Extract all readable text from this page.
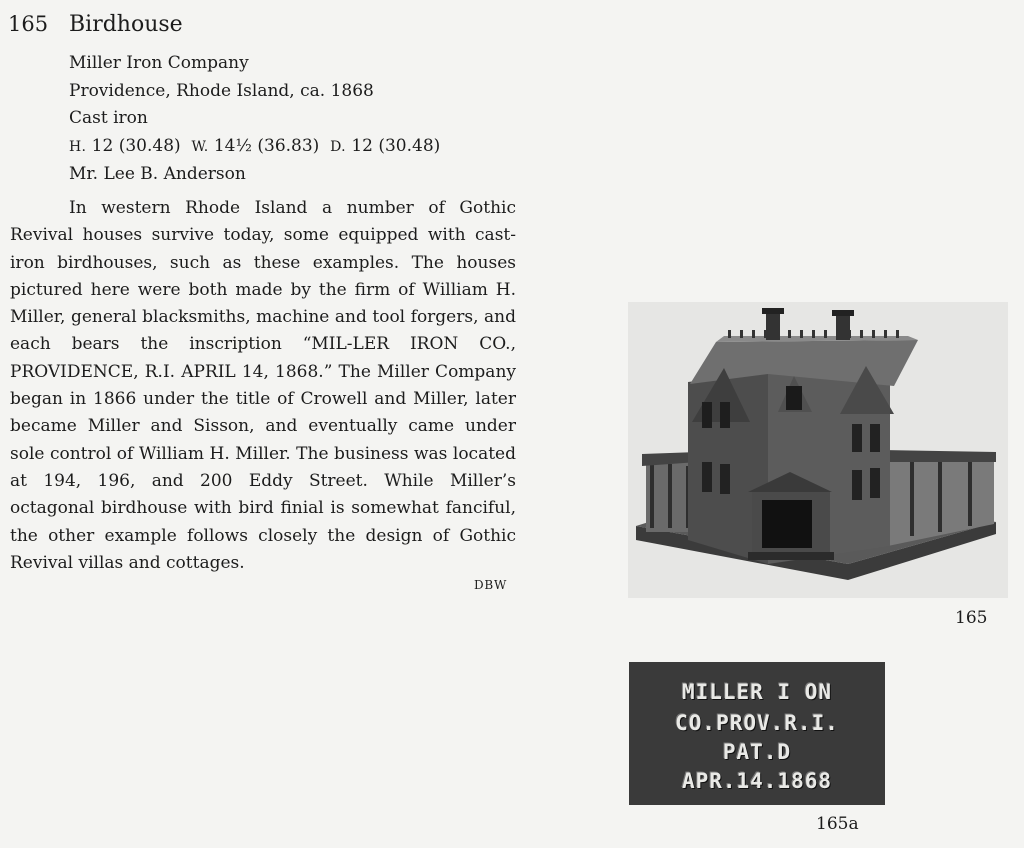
165 Birdhouse
Miller Iron Company
Providence, Rhode Island, ca. 1868
Cast iron
H. 12 (30.48) W. 14½ (36.83) D. 12 (30.48)
Mr. Lee B. Anderson

In western Rhode Island a number of Gothic Revival houses survive today, some equipped with cast-iron birdhouses, such as these examples. The houses pictured here were both made by the firm of William H. Miller, general blacksmiths, machine and tool forgers, and each bears the inscription “MIL-LER IRON CO., PROVIDENCE, R.I. APRIL 14, 1868.” The Miller Company began in 1866 under the title of Crowell and Miller, later became Miller and Sisson, and eventually came under sole control of William H. Miller. The business was located at 194, 196, and 200 Eddy Street. While Miller’s octagonal birdhouse with bird finial is somewhat fanciful, the other example follows closely the design of Gothic Revival villas and cottages.

DBW
165
MILLER I ON
CO.PROV.R.I.
PAT.D
APR.14.1868
165a
